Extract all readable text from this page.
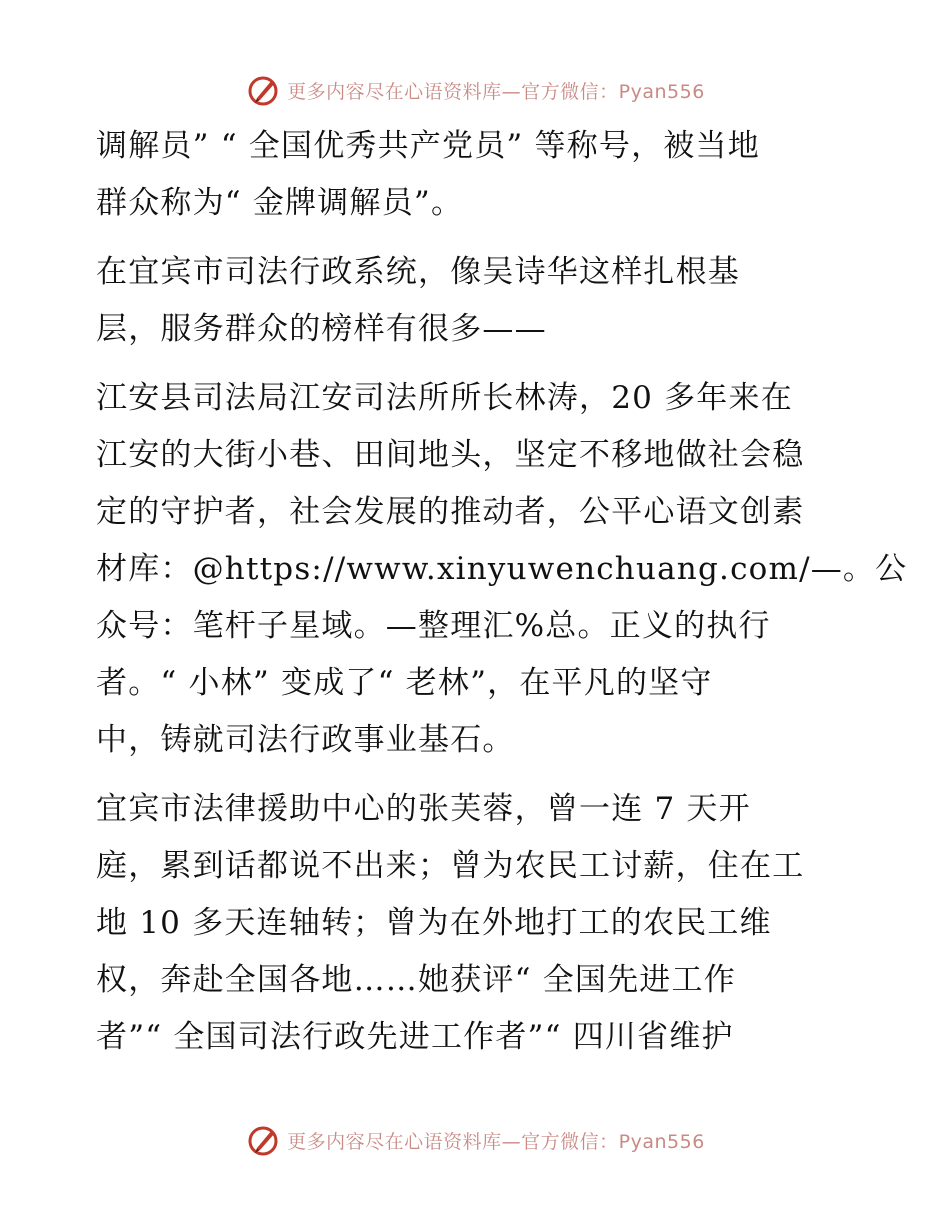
更多内容尽在心语资料库—官方微信：Pyan556

调解员” “ 全国优秀共产党员” 等称号，被当地
群众称为“ 金牌调解员”。

在宜宾市司法行政系统，像吴诗华这样扎根基
层，服务群众的榜样有很多——

江安县司法局江安司法所所长林涛，20 多年来在
江安的大街小巷、田间地头，坚定不移地做社会稳
定的守护者，社会发展的推动者，公平心语文创素
材库：@https://www.xinyuwenchuang.com/—。公
众号：笔杆子星域。—整理汇%总。正义的执行
者。“ 小林” 变成了“ 老林”，在平凡的坚守
中，铸就司法行政事业基石。

宜宾市法律援助中心的张芙蓉，曾一连 7 天开
庭，累到话都说不出来；曾为农民工讨薪，住在工
地 10 多天连轴转；曾为在外地打工的农民工维
权，奔赴全国各地……她获评“ 全国先进工作
者”“ 全国司法行政先进工作者”“ 四川省维护

更多内容尽在心语资料库—官方微信：Pyan556
